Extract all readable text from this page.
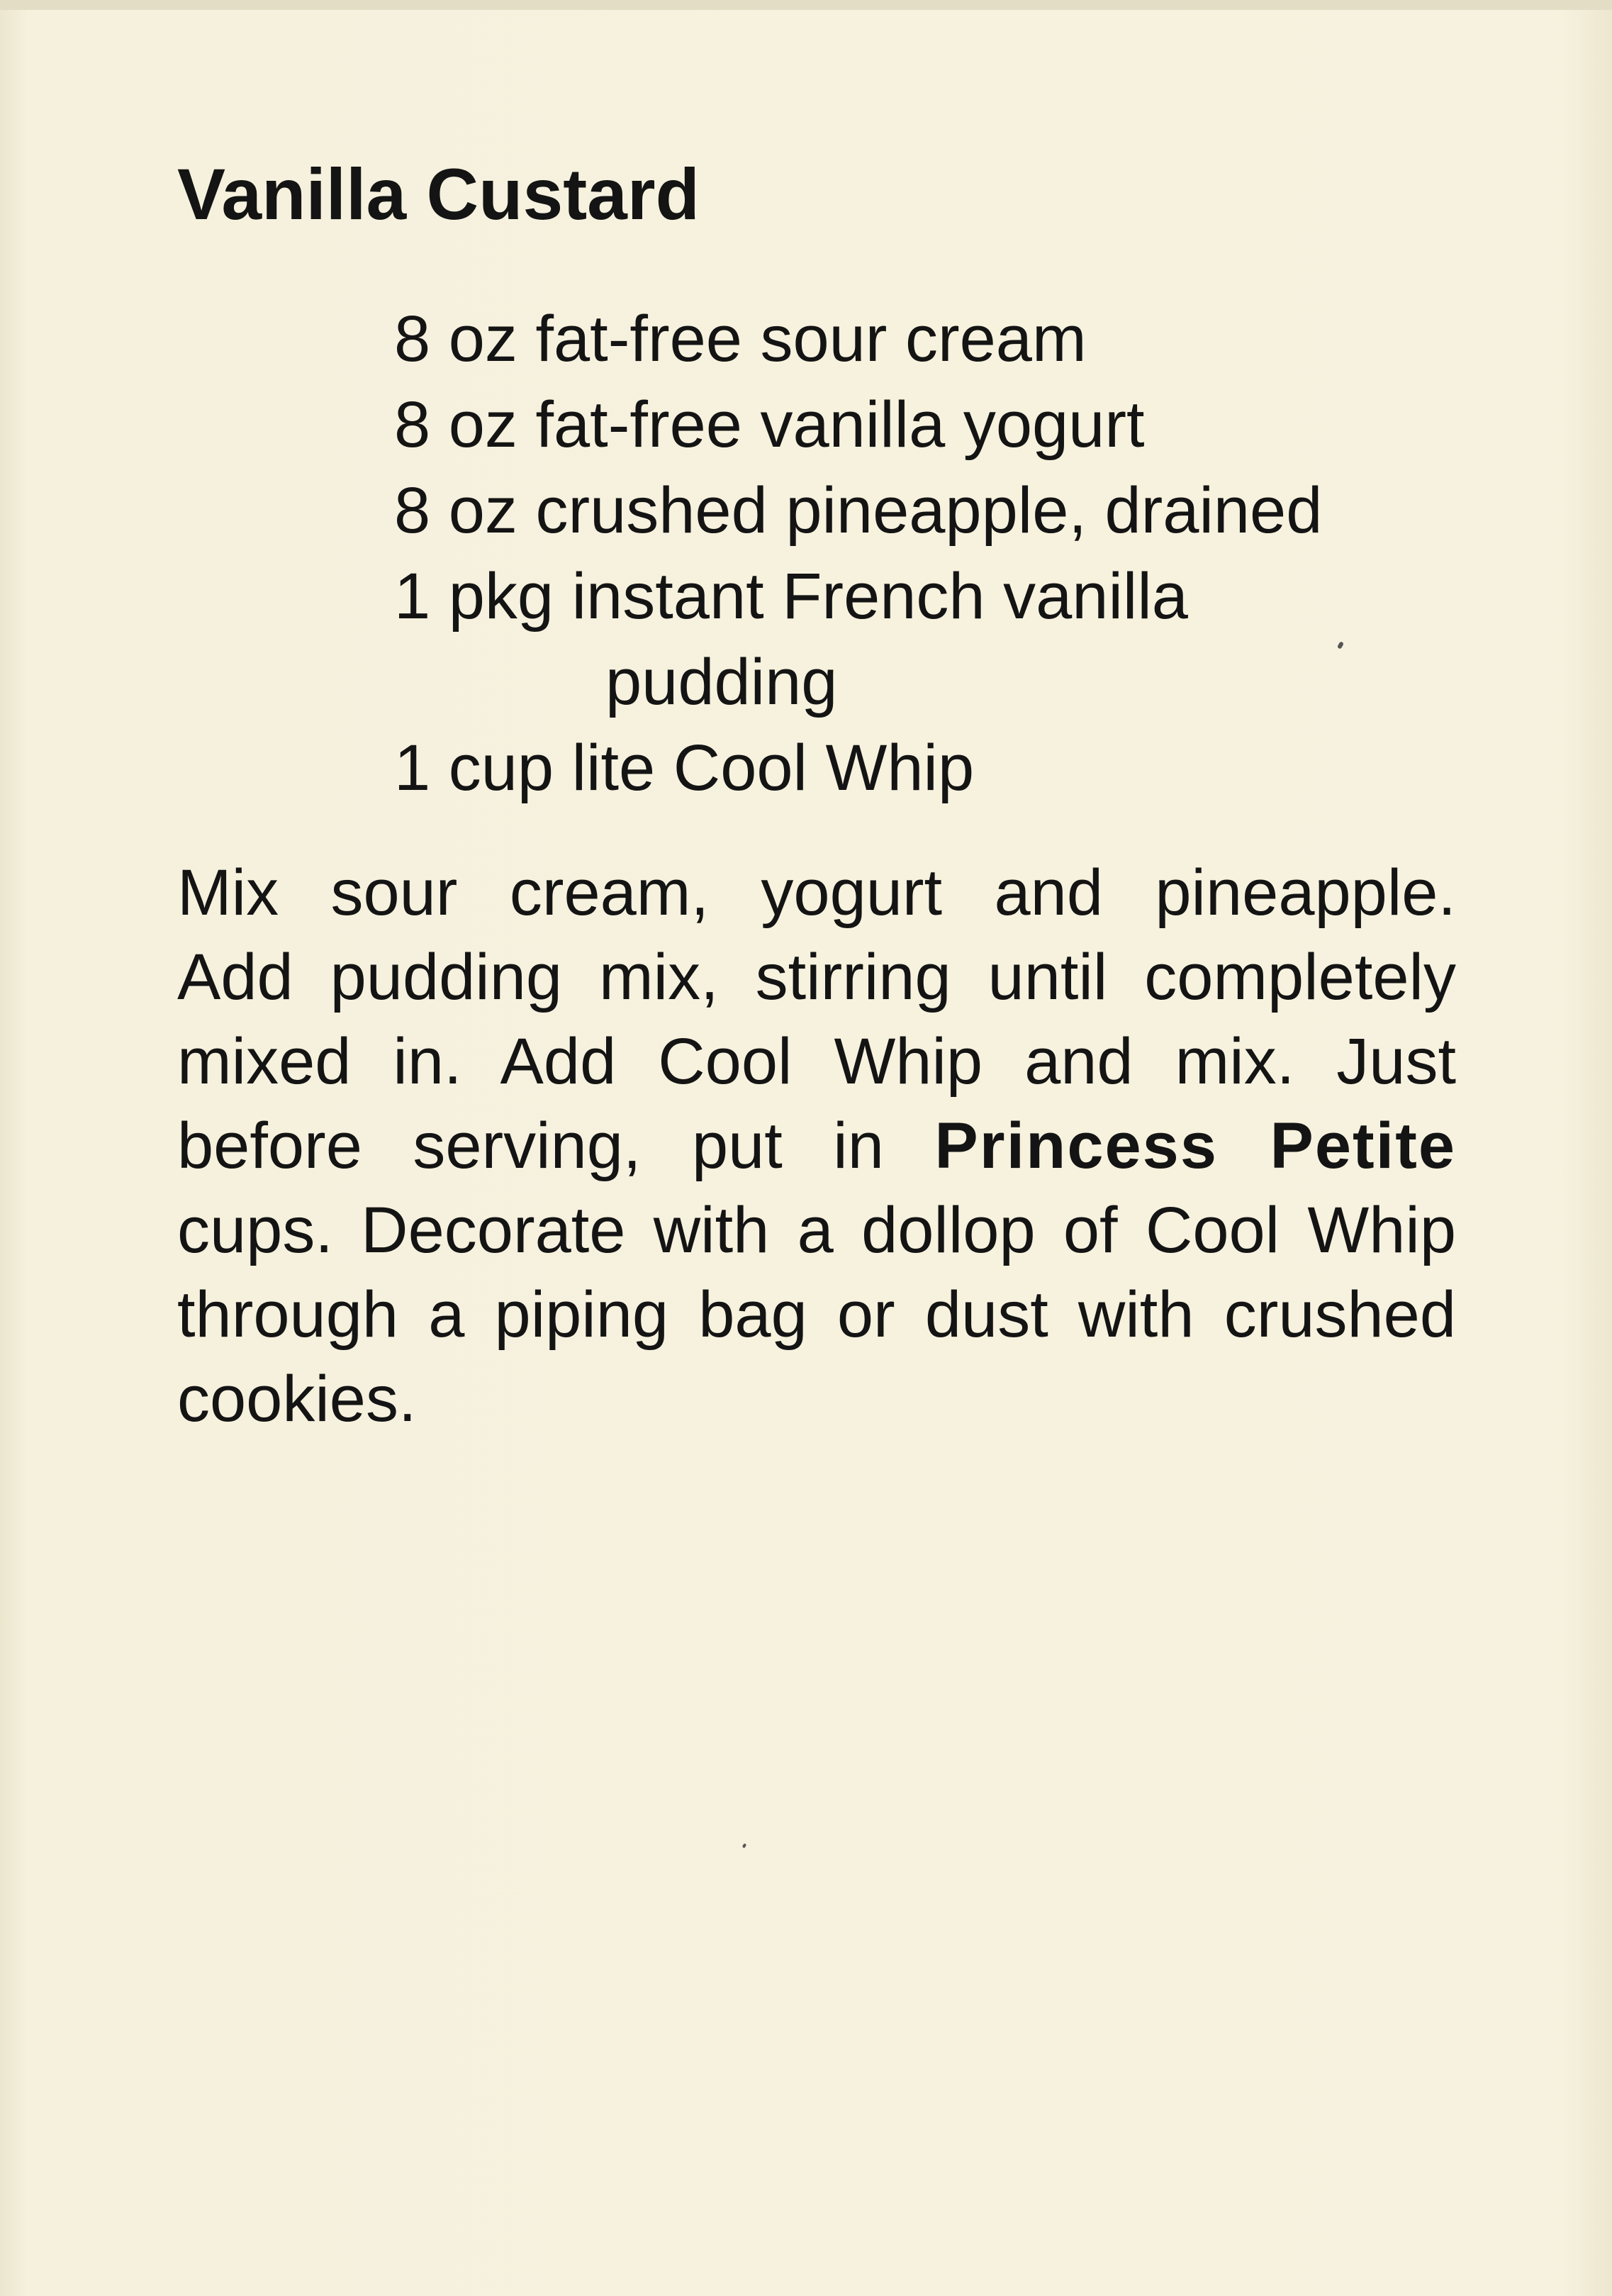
Vanilla Custard
8 oz fat-free sour cream
8 oz fat-free vanilla yogurt
8 oz crushed pineapple, drained
1 pkg instant French vanilla
pudding
1 cup lite Cool Whip
Mix sour cream, yogurt and pineapple.
Add pudding mix, stirring until completely
mixed in. Add Cool Whip and mix. Just
before serving, put in Princess Petite
cups. Decorate with a dollop of Cool Whip
through a piping bag or dust with crushed
cookies.
